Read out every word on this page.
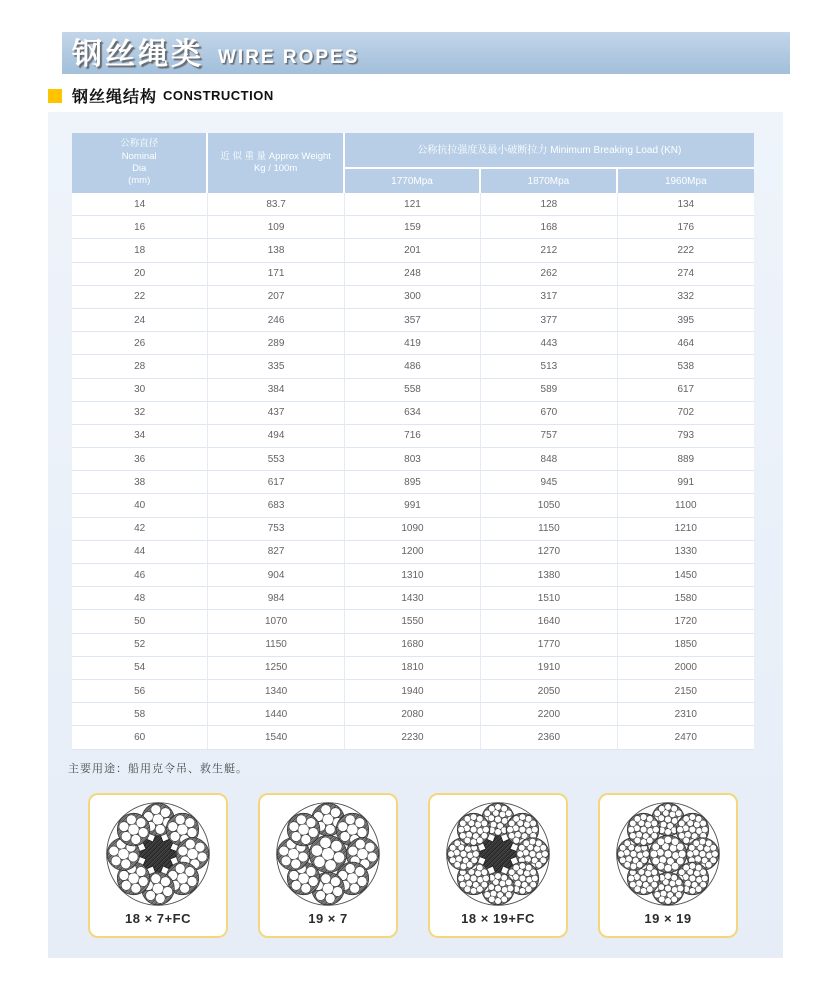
钢丝绳类 WIRE ROPES
钢丝绳结构 CONSTRUCTION
公称直径
Nominal
Dia
(mm)
近 似 重 量 Approx Weight
Kg / 100m
公称抗拉强度及最小破断拉力 Minimum Breaking Load (KN)
1770Mpa	1870Mpa	1960Mpa
14	83.7	121	128	134
16	109	159	168	176
18	138	201	212	222
20	171	248	262	274
22	207	300	317	332
24	246	357	377	395
26	289	419	443	464
28	335	486	513	538
30	384	558	589	617
32	437	634	670	702
34	494	716	757	793
36	553	803	848	889
38	617	895	945	991
40	683	991	1050	1100
42	753	1090	1150	1210
44	827	1200	1270	1330
46	904	1310	1380	1450
48	984	1430	1510	1580
50	1070	1550	1640	1720
52	1150	1680	1770	1850
54	1250	1810	1910	2000
56	1340	1940	2050	2150
58	1440	2080	2200	2310
60	1540	2230	2360	2470
主要用途：船用克令吊、救生艇。
18 × 7+FC	19 × 7	18 × 19+FC	19 × 19
